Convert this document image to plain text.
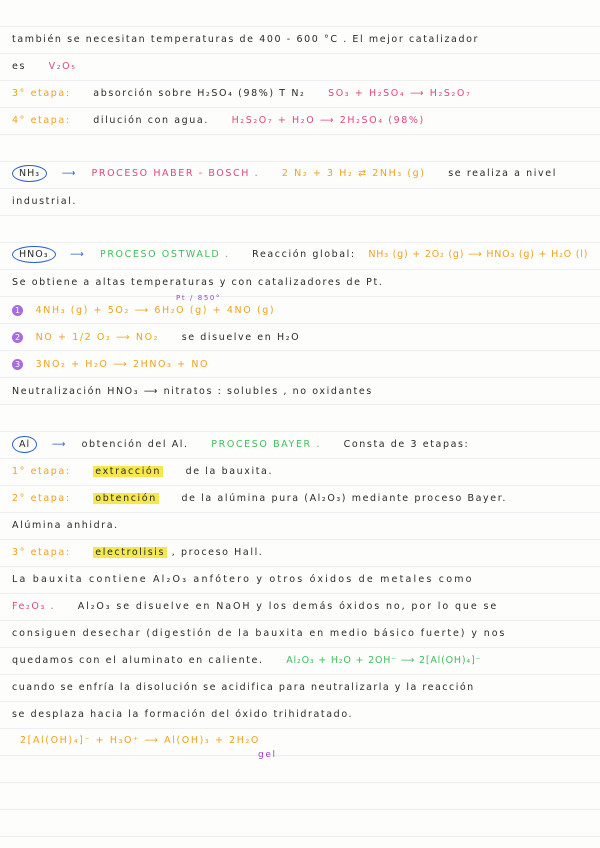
también se necesitan temperaturas de 400 - 600 °C . El mejor catalizador
es V₂O₅
3° etapa: absorción sobre H₂SO₄ (98%) T N₂ SO₃ + H₂SO₄ ⟶ H₂S₂O₇
4° etapa: dilución con agua. H₂S₂O₇ + H₂O ⟶ 2H₂SO₄ (98%)
NH₃ ⟶ PROCESO HABER - BOSCH . 2 N₂ + 3 H₂ ⇄ 2NH₃ (g) se realiza a nivel
industrial.
HNO₃ ⟶ PROCESO OSTWALD . Reacción global: NH₃ (g) + 2O₂ (g) ⟶ HNO₃ (g) + H₂O (l)
Se obtiene a altas temperaturas y con catalizadores de Pt.
Pt / 850°
1 4NH₃ (g) + 5O₂ ⟶ 6H₂O (g) + 4NO (g)
2 NO + 1/2 O₂ ⟶ NO₂ se disuelve en H₂O
3 3NO₂ + H₂O ⟶ 2HNO₃ + NO
Neutralización HNO₃ ⟶ nitratos : solubles , no oxidantes
Al ⟶ obtención del Al. PROCESO BAYER . Consta de 3 etapas:
1° etapa:	extracción	de la bauxita.
2° etapa:	obtención	de la alúmina pura (Al₂O₃) mediante proceso Bayer.
Alúmina anhidra.
3° etapa:	electrolisis , proceso Hall.
La bauxita contiene Al₂O₃ anfótero y otros óxidos de metales como
Fe₂O₃ . Al₂O₃ se disuelve en NaOH y los demás óxidos no, por lo que se
consiguen desechar (digestión de la bauxita en medio básico fuerte) y nos
quedamos con el aluminato en caliente. Al₂O₃ + H₂O + 2OH⁻ ⟶ 2[Al(OH)₄]⁻
cuando se enfría la disolución se acidifica para neutralizarla y la reacción
se desplaza hacia la formación del óxido trihidratado.
2[Al(OH)₄]⁻ + H₃O⁺ ⟶ Al(OH)₃ + 2H₂O
gel
